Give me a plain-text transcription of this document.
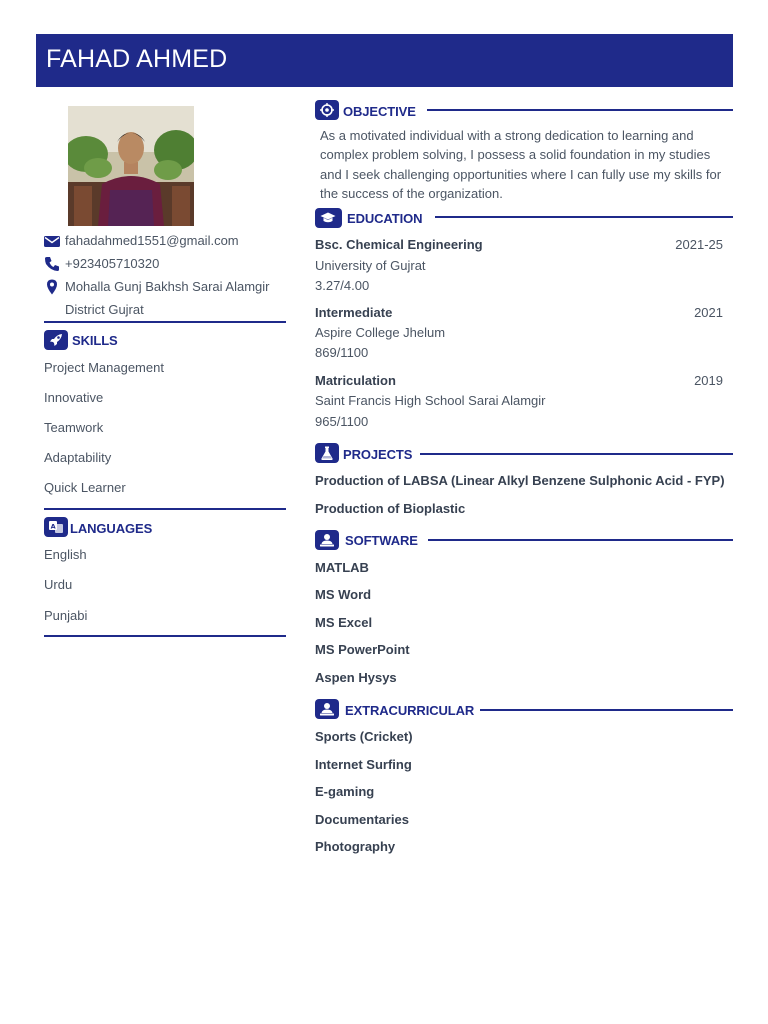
FAHAD AHMED
fahadahmed1551@gmail.com
+923405710320
Mohalla Gunj Bakhsh Sarai Alamgir
District Gujrat
SKILLS
Project Management
Innovative
Teamwork
Adaptability
Quick Learner
A LANGUAGES
English
Urdu
Punjabi
OBJECTIVE
As a motivated individual with a strong dedication to learning and complex problem solving, I possess a solid foundation in my studies and I seek challenging opportunities where I can fully use my skills for the success of the organization.
EDUCATION
Bsc. Chemical Engineering	2021-25
University of Gujrat
3.27/4.00
Intermediate	2021
Aspire College Jhelum
869/1100
Matriculation	2019
Saint Francis High School Sarai Alamgir
965/1100
PROJECTS
Production of LABSA (Linear Alkyl Benzene Sulphonic Acid - FYP)
Production of Bioplastic
SOFTWARE
MATLAB
MS Word
MS Excel
MS PowerPoint
Aspen Hysys
EXTRACURRICULAR
Sports (Cricket)
Internet Surfing
E-gaming
Documentaries
Photography
